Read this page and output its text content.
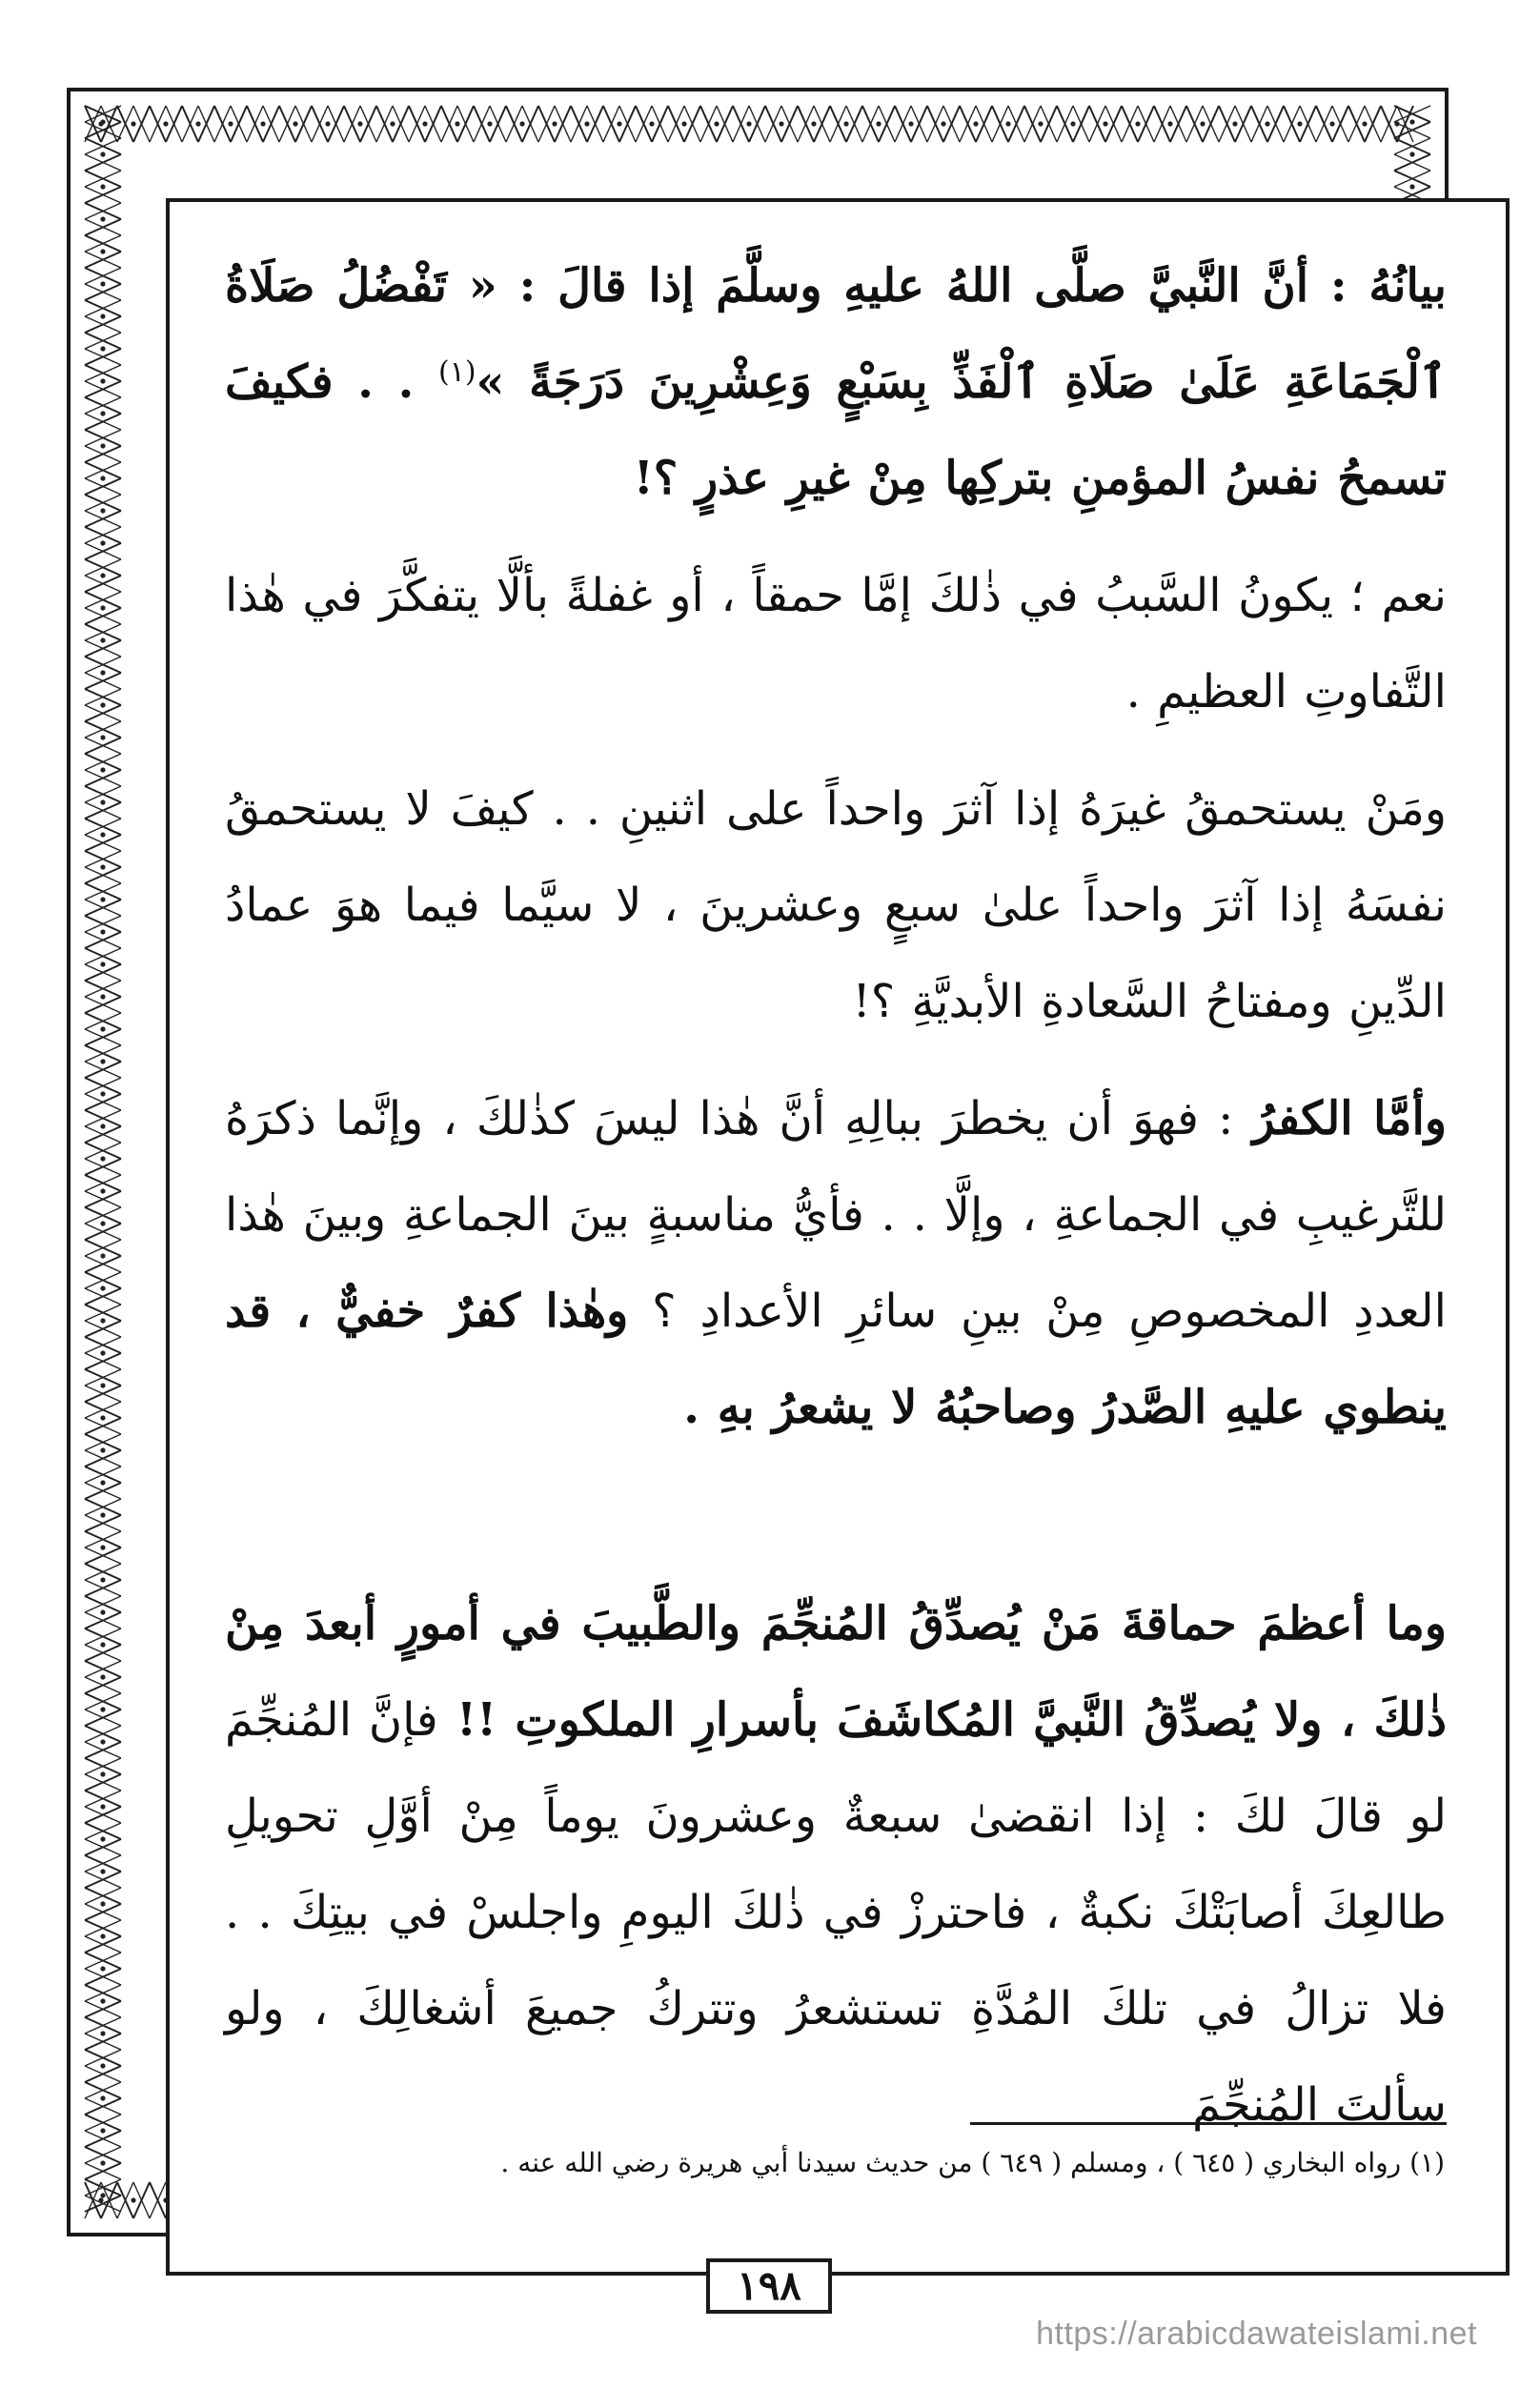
بيانُهُ : أنَّ النَّبيَّ صلَّى اللهُ عليهِ وسلَّمَ إذا قالَ : « تَفْضُلُ صَلَاةُ ٱلْجَمَاعَةِ عَلَىٰ صَلَاةِ ٱلْفَذِّ بِسَبْعٍ وَعِشْرِينَ دَرَجَةً »$^{(١)}$ . . فكيفَ تسمحُ نفسُ المؤمنِ بتركِها مِنْ غيرِ عذرٍ ؟!

نعم ؛ يكونُ السَّببُ في ذٰلكَ إمَّا حمقاً ، أو غفلةً بألَّا يتفكَّرَ في هٰذا التَّفاوتِ العظيمِ .

ومَنْ يستحمقُ غيرَهُ إذا آثرَ واحداً على اثنينِ . . كيفَ لا يستحمقُ نفسَهُ إذا آثرَ واحداً علىٰ سبعٍ وعشرينَ ، لا سيَّما فيما هوَ عمادُ الدِّينِ ومفتاحُ السَّعادةِ الأبديَّةِ ؟!

وأمَّا الكفرُ : فهوَ أن يخطرَ ببالِهِ أنَّ هٰذا ليسَ كذٰلكَ ، وإنَّما ذكرَهُ للتَّرغيبِ في الجماعةِ ، وإلَّا . . فأيُّ مناسبةٍ بينَ الجماعةِ وبينَ هٰذا العددِ المخصوصِ مِنْ بينِ سائرِ الأعدادِ ؟ وهٰذا كفرٌ خفيٌّ ، قد ينطوي عليهِ الصَّدرُ وصاحبُهُ لا يشعرُ بهِ .

وما أعظمَ حماقةَ مَنْ يُصدِّقُ المُنجِّمَ والطَّبيبَ في أمورٍ أبعدَ مِنْ ذٰلكَ ، ولا يُصدِّقُ النَّبيَّ المُكاشَفَ بأسرارِ الملكوتِ !! فإنَّ المُنجِّمَ لو قالَ لكَ : إذا انقضىٰ سبعةٌ وعشرونَ يوماً مِنْ أوَّلِ تحويلِ طالعِكَ أصابَتْكَ نكبةٌ ، فاحترزْ في ذٰلكَ اليومِ واجلسْ في بيتِكَ . . فلا تزالُ في تلكَ المُدَّةِ تستشعرُ وتتركُ جميعَ أشغالِكَ ، ولو سألتَ المُنجِّمَ

(١) رواه البخاري ( ٦٤٥ ) ، ومسلم ( ٦٤٩ ) من حديث سيدنا أبي هريرة رضي الله عنه .
١٩٨
https://arabicdawateislami.net
